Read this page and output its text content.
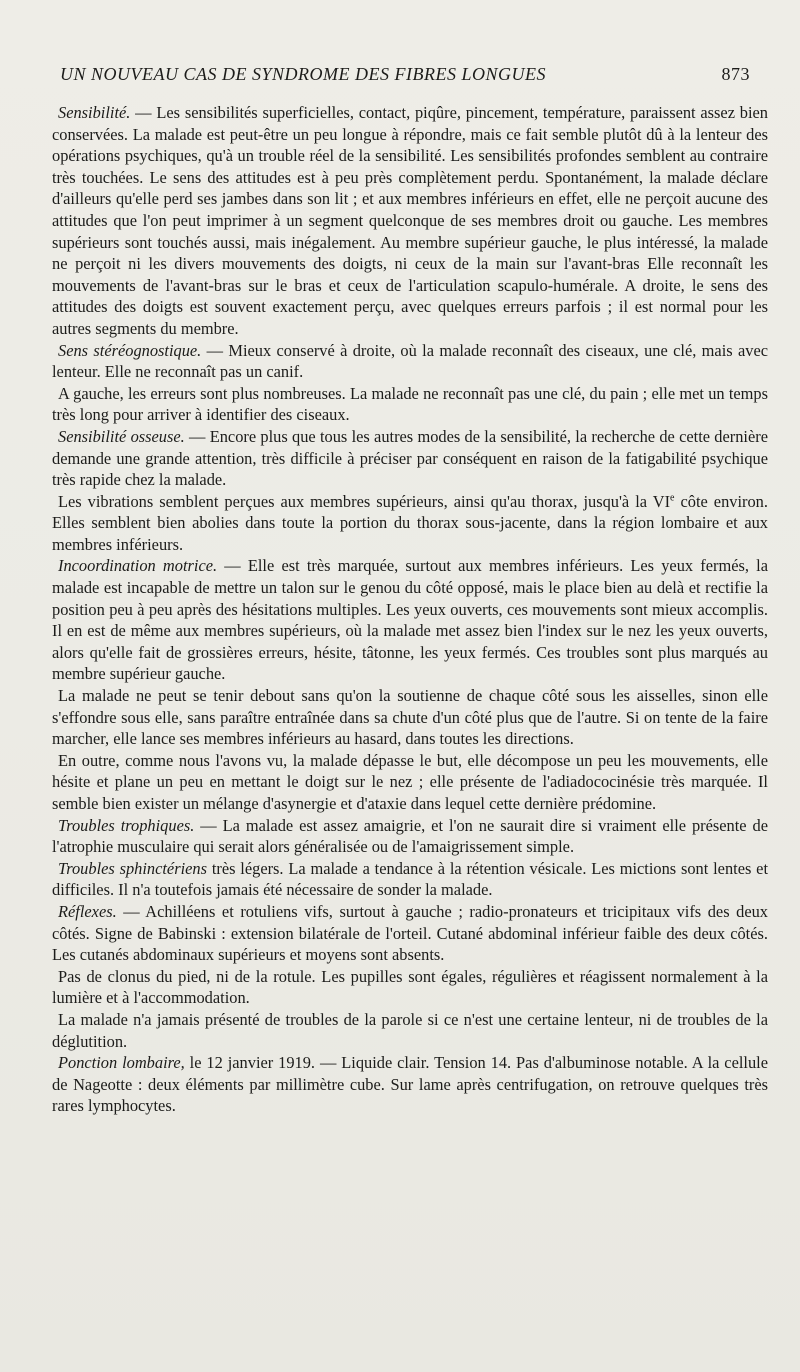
UN NOUVEAU CAS DE SYNDROME DES FIBRES LONGUES	873

Sensibilité. — Les sensibilités superficielles, contact, piqûre, pincement, température, paraissent assez bien conservées. La malade est peut-être un peu longue à répondre, mais ce fait semble plutôt dû à la lenteur des opérations psychiques, qu'à un trouble réel de la sensibilité. Les sensibilités profondes semblent au contraire très touchées. Le sens des attitudes est à peu près complètement perdu. Spontanément, la malade déclare d'ailleurs qu'elle perd ses jambes dans son lit ; et aux membres inférieurs en effet, elle ne perçoit aucune des attitudes que l'on peut imprimer à un segment quelconque de ses membres droit ou gauche. Les membres supérieurs sont touchés aussi, mais inégalement. Au membre supérieur gauche, le plus intéressé, la malade ne perçoit ni les divers mouvements des doigts, ni ceux de la main sur l'avant-bras Elle reconnaît les mouvements de l'avant-bras sur le bras et ceux de l'articulation scapulo-humérale. A droite, le sens des attitudes des doigts est souvent exactement perçu, avec quelques erreurs parfois ; il est normal pour les autres segments du membre.

Sens stéréognostique. — Mieux conservé à droite, où la malade reconnaît des ciseaux, une clé, mais avec lenteur. Elle ne reconnaît pas un canif.

A gauche, les erreurs sont plus nombreuses. La malade ne reconnaît pas une clé, du pain ; elle met un temps très long pour arriver à identifier des ciseaux.

Sensibilité osseuse. — Encore plus que tous les autres modes de la sensibilité, la recherche de cette dernière demande une grande attention, très difficile à préciser par conséquent en raison de la fatigabilité psychique très rapide chez la malade.

Les vibrations semblent perçues aux membres supérieurs, ainsi qu'au thorax, jusqu'à la VIe côte environ. Elles semblent bien abolies dans toute la portion du thorax sous-jacente, dans la région lombaire et aux membres inférieurs.

Incoordination motrice. — Elle est très marquée, surtout aux membres inférieurs. Les yeux fermés, la malade est incapable de mettre un talon sur le genou du côté opposé, mais le place bien au delà et rectifie la position peu à peu après des hésitations multiples. Les yeux ouverts, ces mouvements sont mieux accomplis. Il en est de même aux membres supérieurs, où la malade met assez bien l'index sur le nez les yeux ouverts, alors qu'elle fait de grossières erreurs, hésite, tâtonne, les yeux fermés. Ces troubles sont plus marqués au membre supérieur gauche.

La malade ne peut se tenir debout sans qu'on la soutienne de chaque côté sous les aisselles, sinon elle s'effondre sous elle, sans paraître entraînée dans sa chute d'un côté plus que de l'autre. Si on tente de la faire marcher, elle lance ses membres inférieurs au hasard, dans toutes les directions.

En outre, comme nous l'avons vu, la malade dépasse le but, elle décompose un peu les mouvements, elle hésite et plane un peu en mettant le doigt sur le nez ; elle présente de l'adiadococinésie très marquée. Il semble bien exister un mélange d'asynergie et d'ataxie dans lequel cette dernière prédomine.

Troubles trophiques. — La malade est assez amaigrie, et l'on ne saurait dire si vraiment elle présente de l'atrophie musculaire qui serait alors généralisée ou de l'amaigrissement simple.

Troubles sphinctériens très légers. La malade a tendance à la rétention vésicale. Les mictions sont lentes et difficiles. Il n'a toutefois jamais été nécessaire de sonder la malade.

Réflexes. — Achilléens et rotuliens vifs, surtout à gauche ; radio-pronateurs et tricipitaux vifs des deux côtés. Signe de Babinski : extension bilatérale de l'orteil. Cutané abdominal inférieur faible des deux côtés. Les cutanés abdominaux supérieurs et moyens sont absents.

Pas de clonus du pied, ni de la rotule. Les pupilles sont égales, régulières et réagissent normalement à la lumière et à l'accommodation.

La malade n'a jamais présenté de troubles de la parole si ce n'est une certaine lenteur, ni de troubles de la déglutition.

Ponction lombaire, le 12 janvier 1919. — Liquide clair. Tension 14. Pas d'albuminose notable. A la cellule de Nageotte : deux éléments par millimètre cube. Sur lame après centrifugation, on retrouve quelques très rares lymphocytes.
